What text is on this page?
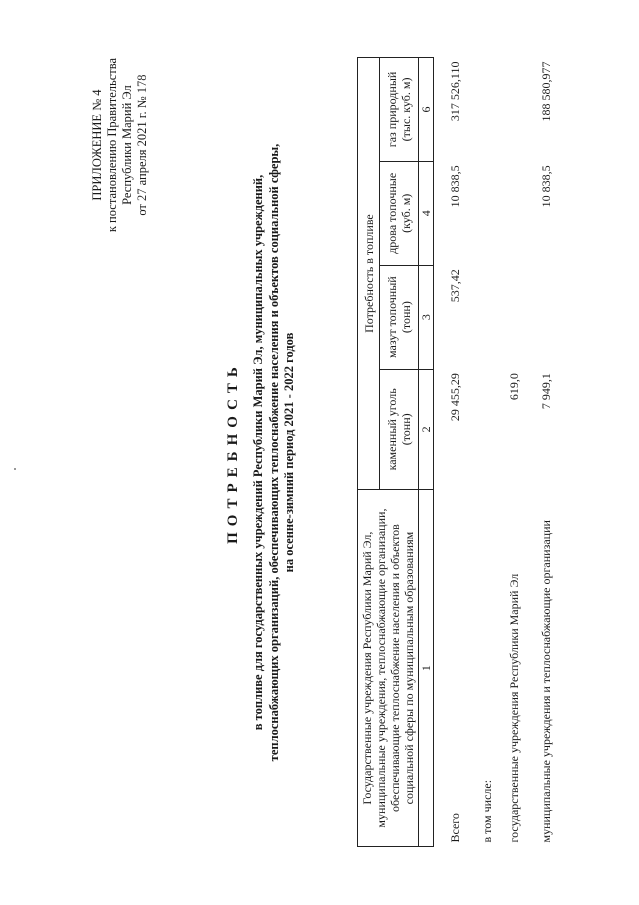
ПРИЛОЖЕНИЕ № 4 к постановлению Правительства Республики Марий Эл
от 27 апреля 2021 г. № 178
ПОТРЕБНОСТЬ в топливе для государственных учреждений Республики Марий Эл, муниципальных учреждений, теплоснабжающих организаций, обеспечивающих теплоснабжение населения и объектов социальной сферы, на осенне-зимний период 2021 - 2022 годов
Государственные учреждения Республики Марий Эл, муниципальные учреждения, теплоснабжающие организации, обеспечивающие теплоснабжение населения и объектов социальной сферы по муниципальным образованиям	Потребность в топливе			
	каменный уголь (тонн)	мазут топочный (тонн)	дрова топочные (куб. м)	газ природный (тыс. куб. м)
1	2	3	4	6
Всего	29 455,29	537,42	10 838,5	317 526,110
в том числе:				
государственные учреждения Республики Марий Эл	619,0			
муниципальные учреждения и теплоснабжающие организации	7 949,1		10 838,5	188 580,977
